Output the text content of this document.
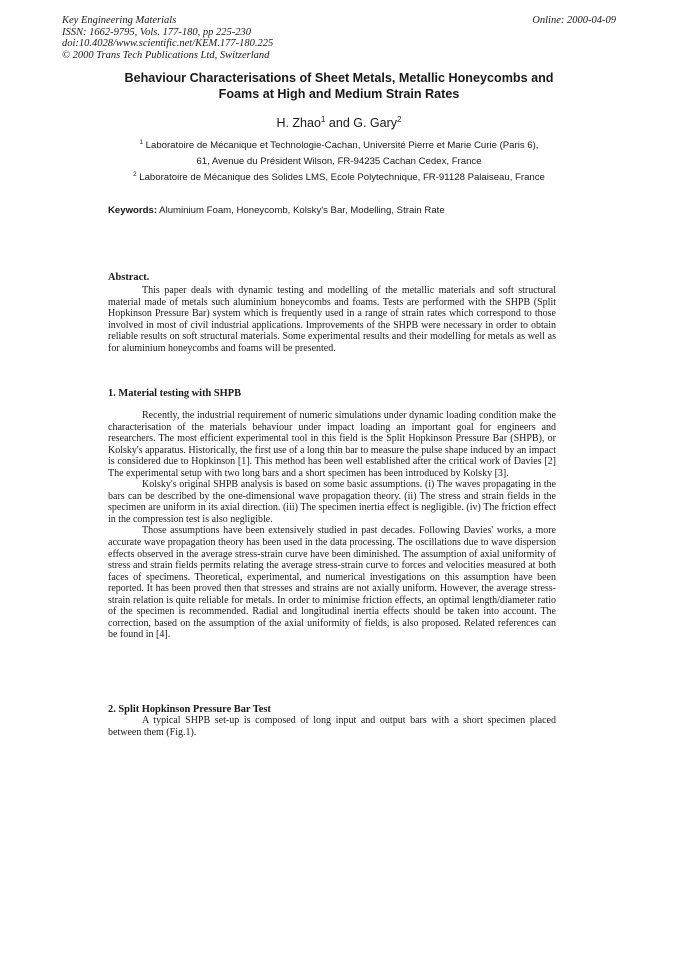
Key Engineering Materials
ISSN: 1662-9795, Vols. 177-180, pp 225-230
doi:10.4028/www.scientific.net/KEM.177-180.225
© 2000 Trans Tech Publications Ltd, Switzerland
Online: 2000-04-09
Behaviour Characterisations of Sheet Metals, Metallic Honeycombs and
Foams at High and Medium Strain Rates
H. Zhao$^1$ and G. Gary$^2$
$^1$ Laboratoire de Mécanique et Technologie-Cachan, Université Pierre et Marie Curie (Paris 6),
61, Avenue du Président Wilson, FR-94235 Cachan Cedex, France
$^2$ Laboratoire de Mécanique des Solides LMS, Ecole Polytechnique, FR-91128 Palaiseau, France
Keywords: Aluminium Foam, Honeycomb, Kolsky's Bar, Modelling, Strain Rate
Abstract.

This paper deals with dynamic testing and modelling of the metallic materials and soft structural material made of metals such aluminium honeycombs and foams. Tests are performed with the SHPB (Split Hopkinson Pressure Bar) system which is frequently used in a range of strain rates which correspond to those involved in most of civil industrial applications. Improvements of the SHPB were necessary in order to obtain reliable results on soft structural materials. Some experimental results and their modelling for metals as well as for aluminium honeycombs and foams will be presented.

1. Material testing with SHPB

Recently, the industrial requirement of numeric simulations under dynamic loading condition make the characterisation of the materials behaviour under impact loading an important goal for engineers and researchers. The most efficient experimental tool in this field is the Split Hopkinson Pressure Bar (SHPB), or Kolsky's apparatus. Historically, the first use of a long thin bar to measure the pulse shape induced by an impact is considered due to Hopkinson [1]. This method has been well established after the critical work of Davies [2] The experimental setup with two long bars and a short specimen has been introduced by Kolsky [3].

Kolsky's original SHPB analysis is based on some basic assumptions. (i) The waves propagating in the bars can be described by the one-dimensional wave propagation theory. (ii) The stress and strain fields in the specimen are uniform in its axial direction. (iii) The specimen inertia effect is negligible. (iv) The friction effect in the compression test is also negligible.

Those assumptions have been extensively studied in past decades. Following Davies' works, a more accurate wave propagation theory has been used in the data processing. The oscillations due to wave dispersion effects observed in the average stress-strain curve have been diminished. The assumption of axial uniformity of stress and strain fields permits relating the average stress-strain curve to forces and velocities measured at both faces of specimens. Theoretical, experimental, and numerical investigations on this assumption have been reported. It has been proved then that stresses and strains are not axially uniform. However, the average stress-strain relation is quite reliable for metals. In order to minimise friction effects, an optimal length/diameter ratio of the specimen is recommended. Radial and longitudinal inertia effects should be taken into account. The correction, based on the assumption of the axial uniformity of fields, is also proposed. Related references can be found in [4].

2. Split Hopkinson Pressure Bar Test

A typical SHPB set-up is composed of long input and output bars with a short specimen placed between them (Fig.1).
